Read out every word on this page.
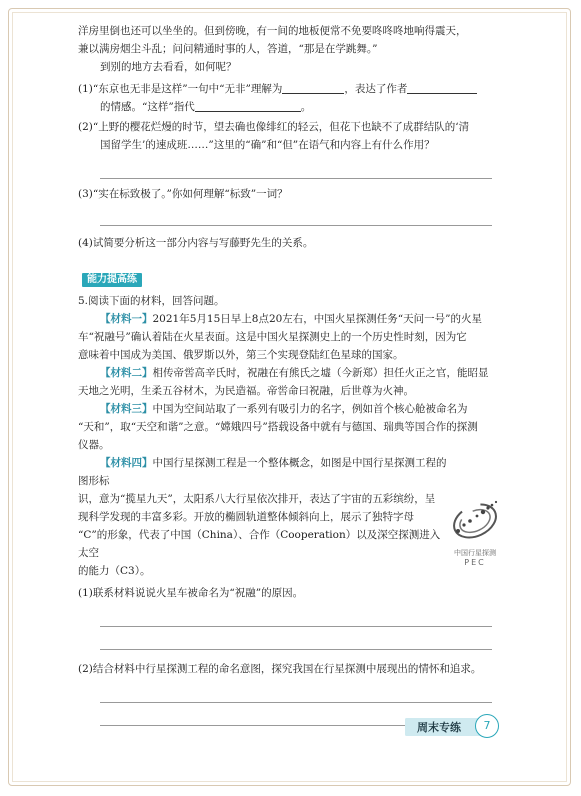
洋房里倒也还可以坐坐的。但到傍晚，有一间的地板便常不免要咚咚咚地响得震天，

兼以满房烟尘斗乱；问问精通时事的人，答道，“那是在学跳舞。”

到别的地方去看看，如何呢？

(1)“东京也无非是这样”一句中“无非”理解为	，表达了作者

的情感。“这样”指代	。

(2)“上野的樱花烂熳的时节，望去确也像绯红的轻云，但花下也缺不了成群结队的‘清

国留学生’的速成班……”这里的“确”和“但”在语气和内容上有什么作用？

(3)“实在标致极了。”你如何理解“标致”一词？

(4)试简要分析这一部分内容与写藤野先生的关系。

能力提高练

5.阅读下面的材料，回答问题。

【材料一】2021年5月15日早上8点20左右，中国火星探测任务“天问一号”的火星

车“祝融号”确认着陆在火星表面。这是中国火星探测史上的一个历史性时刻，因为它

意味着中国成为美国、俄罗斯以外，第三个实现登陆红色星球的国家。

【材料二】相传帝喾高辛氏时，祝融在有熊氏之墟（今新郑）担任火正之官，能昭显

天地之光明，生柔五谷材木，为民造福。帝喾命曰祝融，后世尊为火神。

【材料三】中国为空间站取了一系列有吸引力的名字，例如首个核心舱被命名为

“天和”，取“天空和谐”之意。“嫦娥四号”搭载设备中就有与德国、瑞典等国合作的探测

仪器。

【材料四】中国行星探测工程是一个整体概念，如图是中国行星探测工程的图形标

识，意为“揽星九天”，太阳系八大行星依次排开，表达了宇宙的五彩缤纷，呈

现科学发现的丰富多彩。开放的椭圆轨道整体倾斜向上，展示了独特字母

“C”的形象，代表了中国（China）、合作（Cooperation）以及深空探测进入太空

的能力（C3）。

(1)联系材料说说火星车被命名为“祝融”的原因。

(2)结合材料中行星探测工程的命名意图，探究我国在行星探测中展现出的情怀和追求。

中国行星探测
PEC
周末专练	7
